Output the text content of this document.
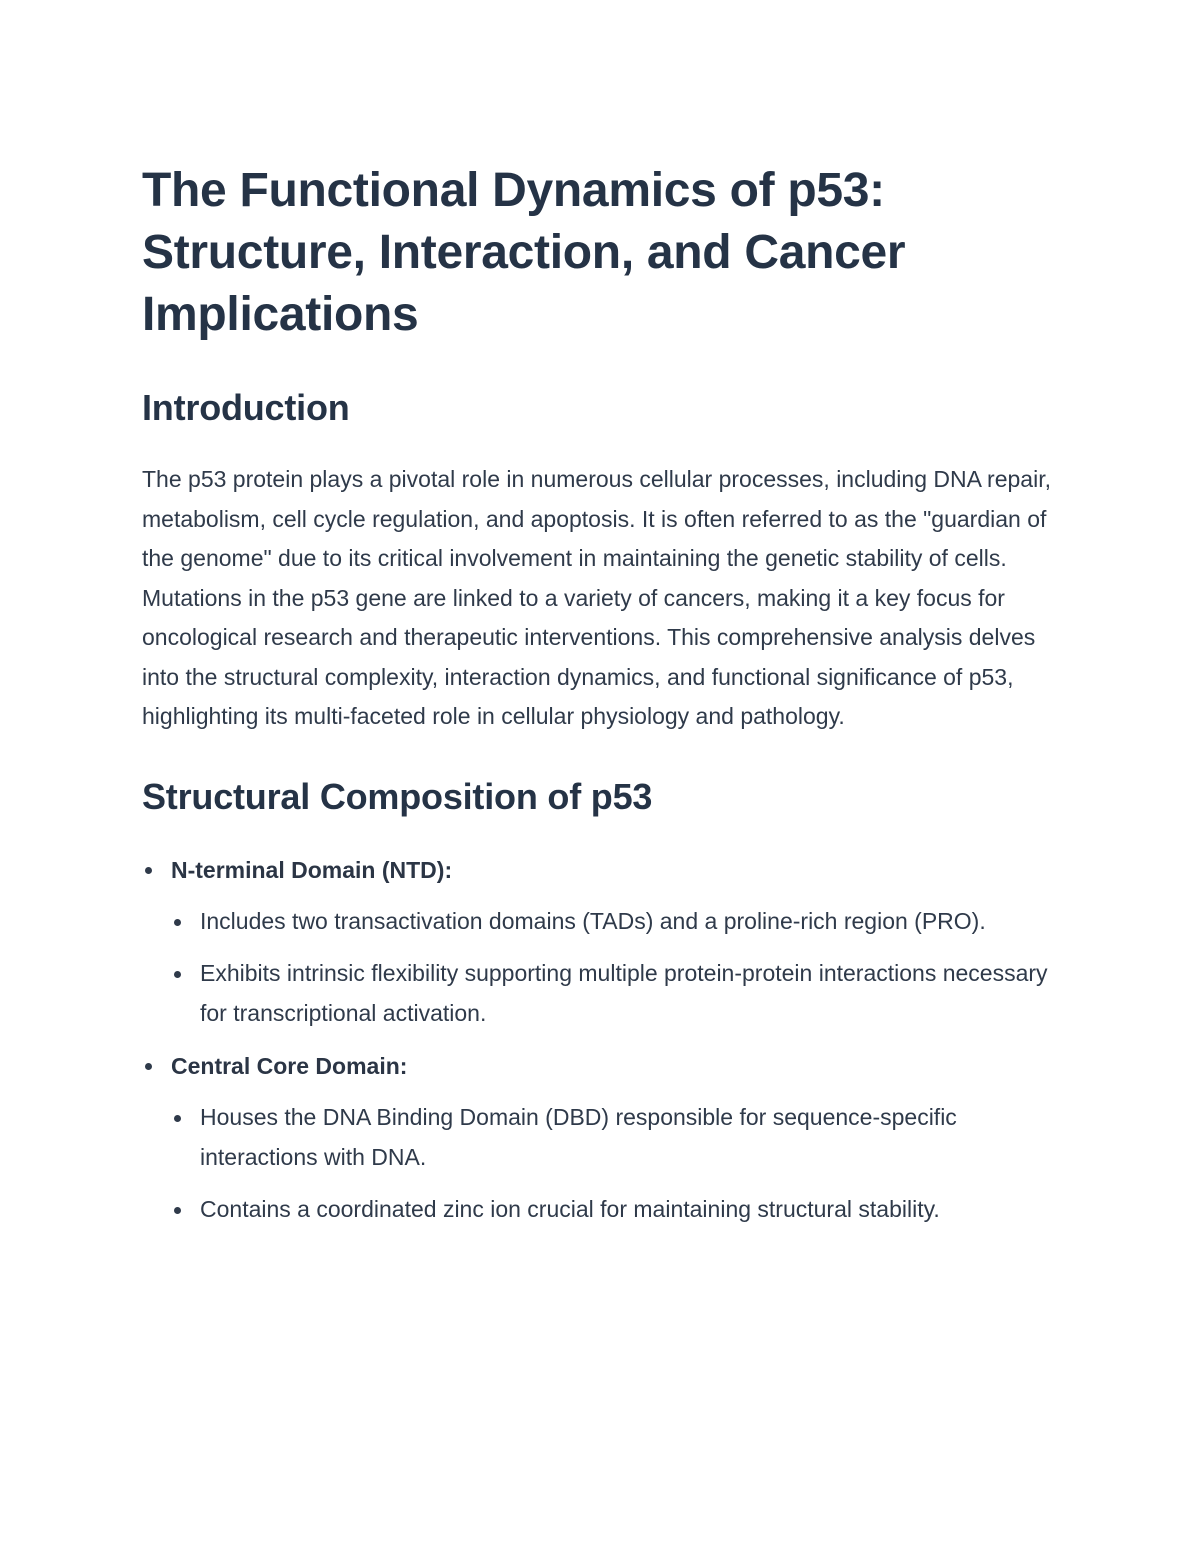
The Functional Dynamics of p53: Structure, Interaction, and Cancer Implications
Introduction

The p53 protein plays a pivotal role in numerous cellular processes, including DNA repair, metabolism, cell cycle regulation, and apoptosis. It is often referred to as the "guardian of the genome" due to its critical involvement in maintaining the genetic stability of cells. Mutations in the p53 gene are linked to a variety of cancers, making it a key focus for oncological research and therapeutic interventions. This comprehensive analysis delves into the structural complexity, interaction dynamics, and functional significance of p53, highlighting its multi-faceted role in cellular physiology and pathology.

Structural Composition of p53
N-terminal Domain (NTD):
Includes two transactivation domains (TADs) and a proline-rich region (PRO).
Exhibits intrinsic flexibility supporting multiple protein-protein interactions necessary for transcriptional activation.
Central Core Domain:
Houses the DNA Binding Domain (DBD) responsible for sequence-specific interactions with DNA.
Contains a coordinated zinc ion crucial for maintaining structural stability.
